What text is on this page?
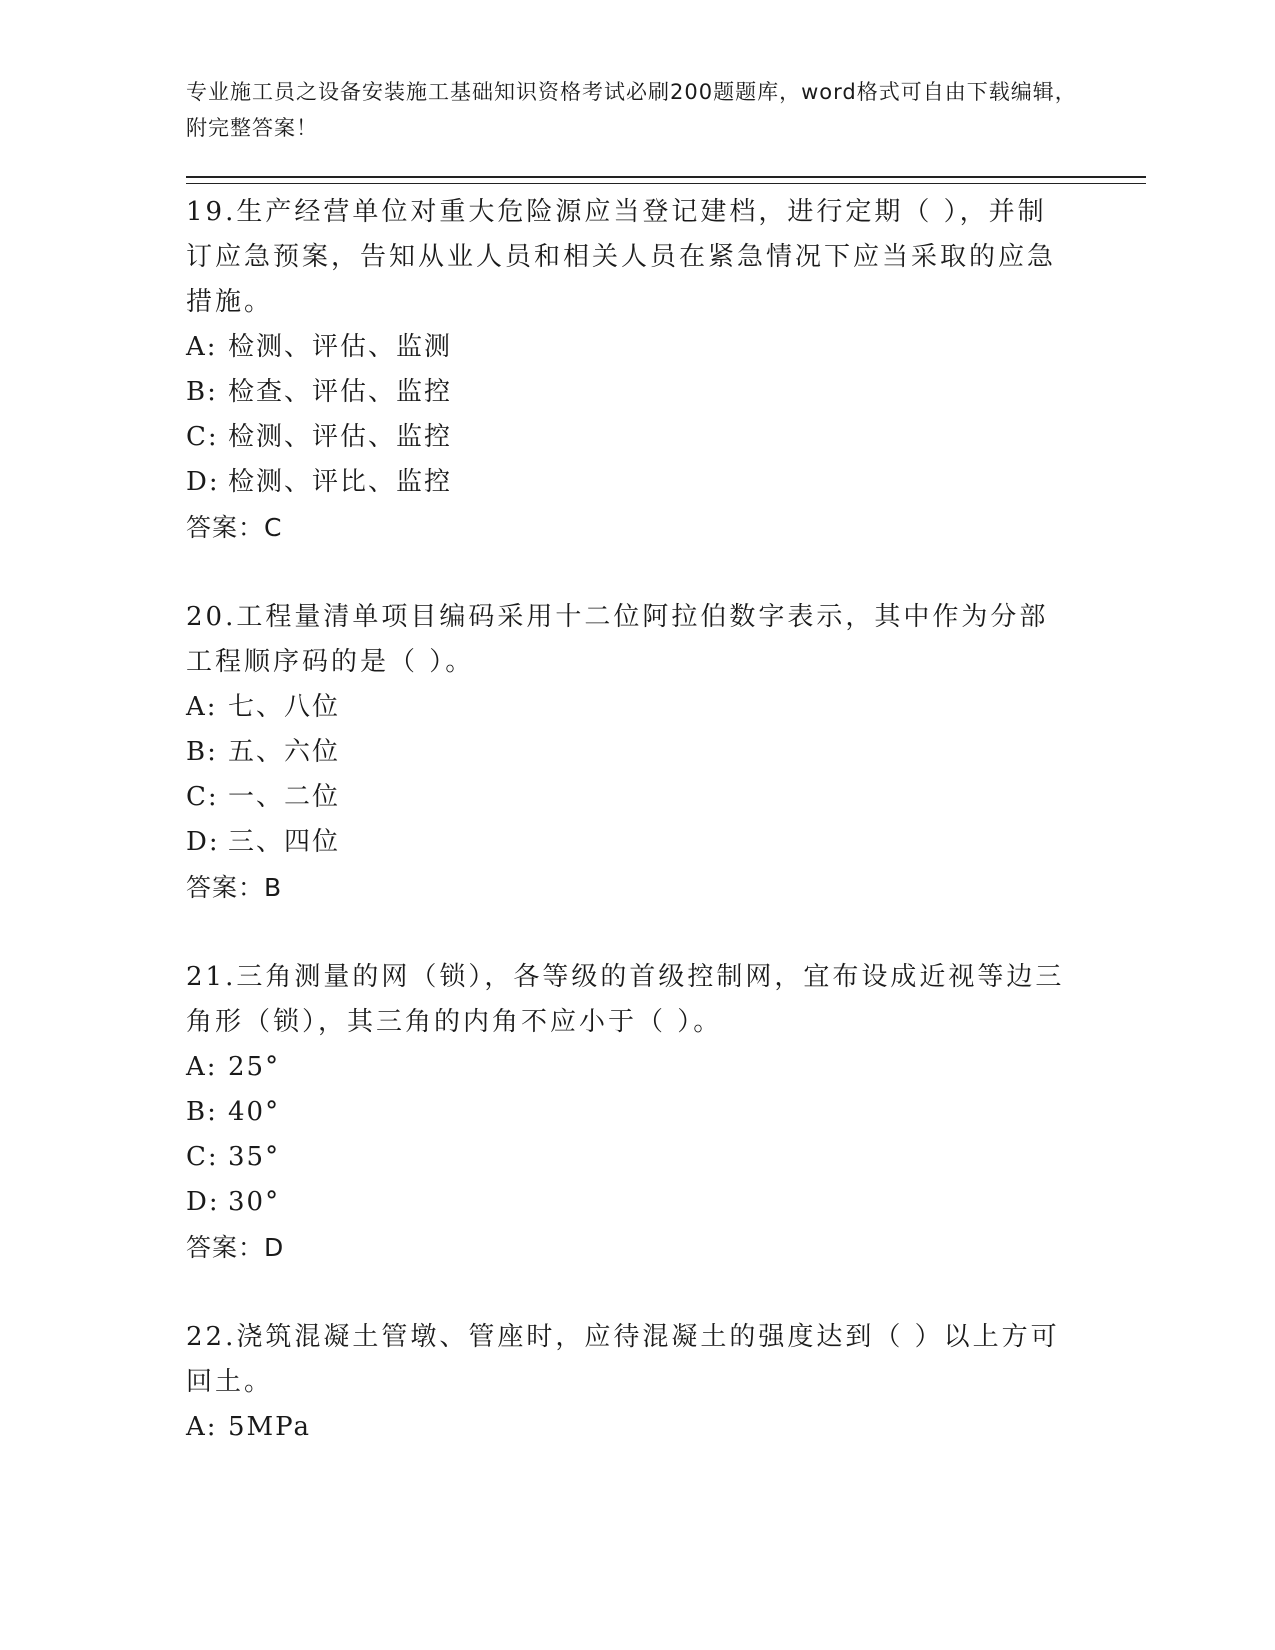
专业施工员之设备安装施工基础知识资格考试必刷200题题库，word格式可自由下载编辑，附完整答案！

19.生产经营单位对重大危险源应当登记建档，进行定期（ ），并制订应急预案，告知从业人员和相关人员在紧急情况下应当采取的应急措施。

A: 检测、评估、监测

B: 检查、评估、监控

C: 检测、评估、监控

D: 检测、评比、监控

答案：C

20.工程量清单项目编码采用十二位阿拉伯数字表示，其中作为分部工程顺序码的是（ ）。

A: 七、八位

B: 五、六位

C: 一、二位

D: 三、四位

答案：B

21.三角测量的网（锁），各等级的首级控制网，宜布设成近视等边三角形（锁），其三角的内角不应小于（ ）。

A: 25°

B: 40°

C: 35°

D: 30°

答案：D

22.浇筑混凝土管墩、管座时，应待混凝土的强度达到（ ）以上方可回土。

A: 5MPa
